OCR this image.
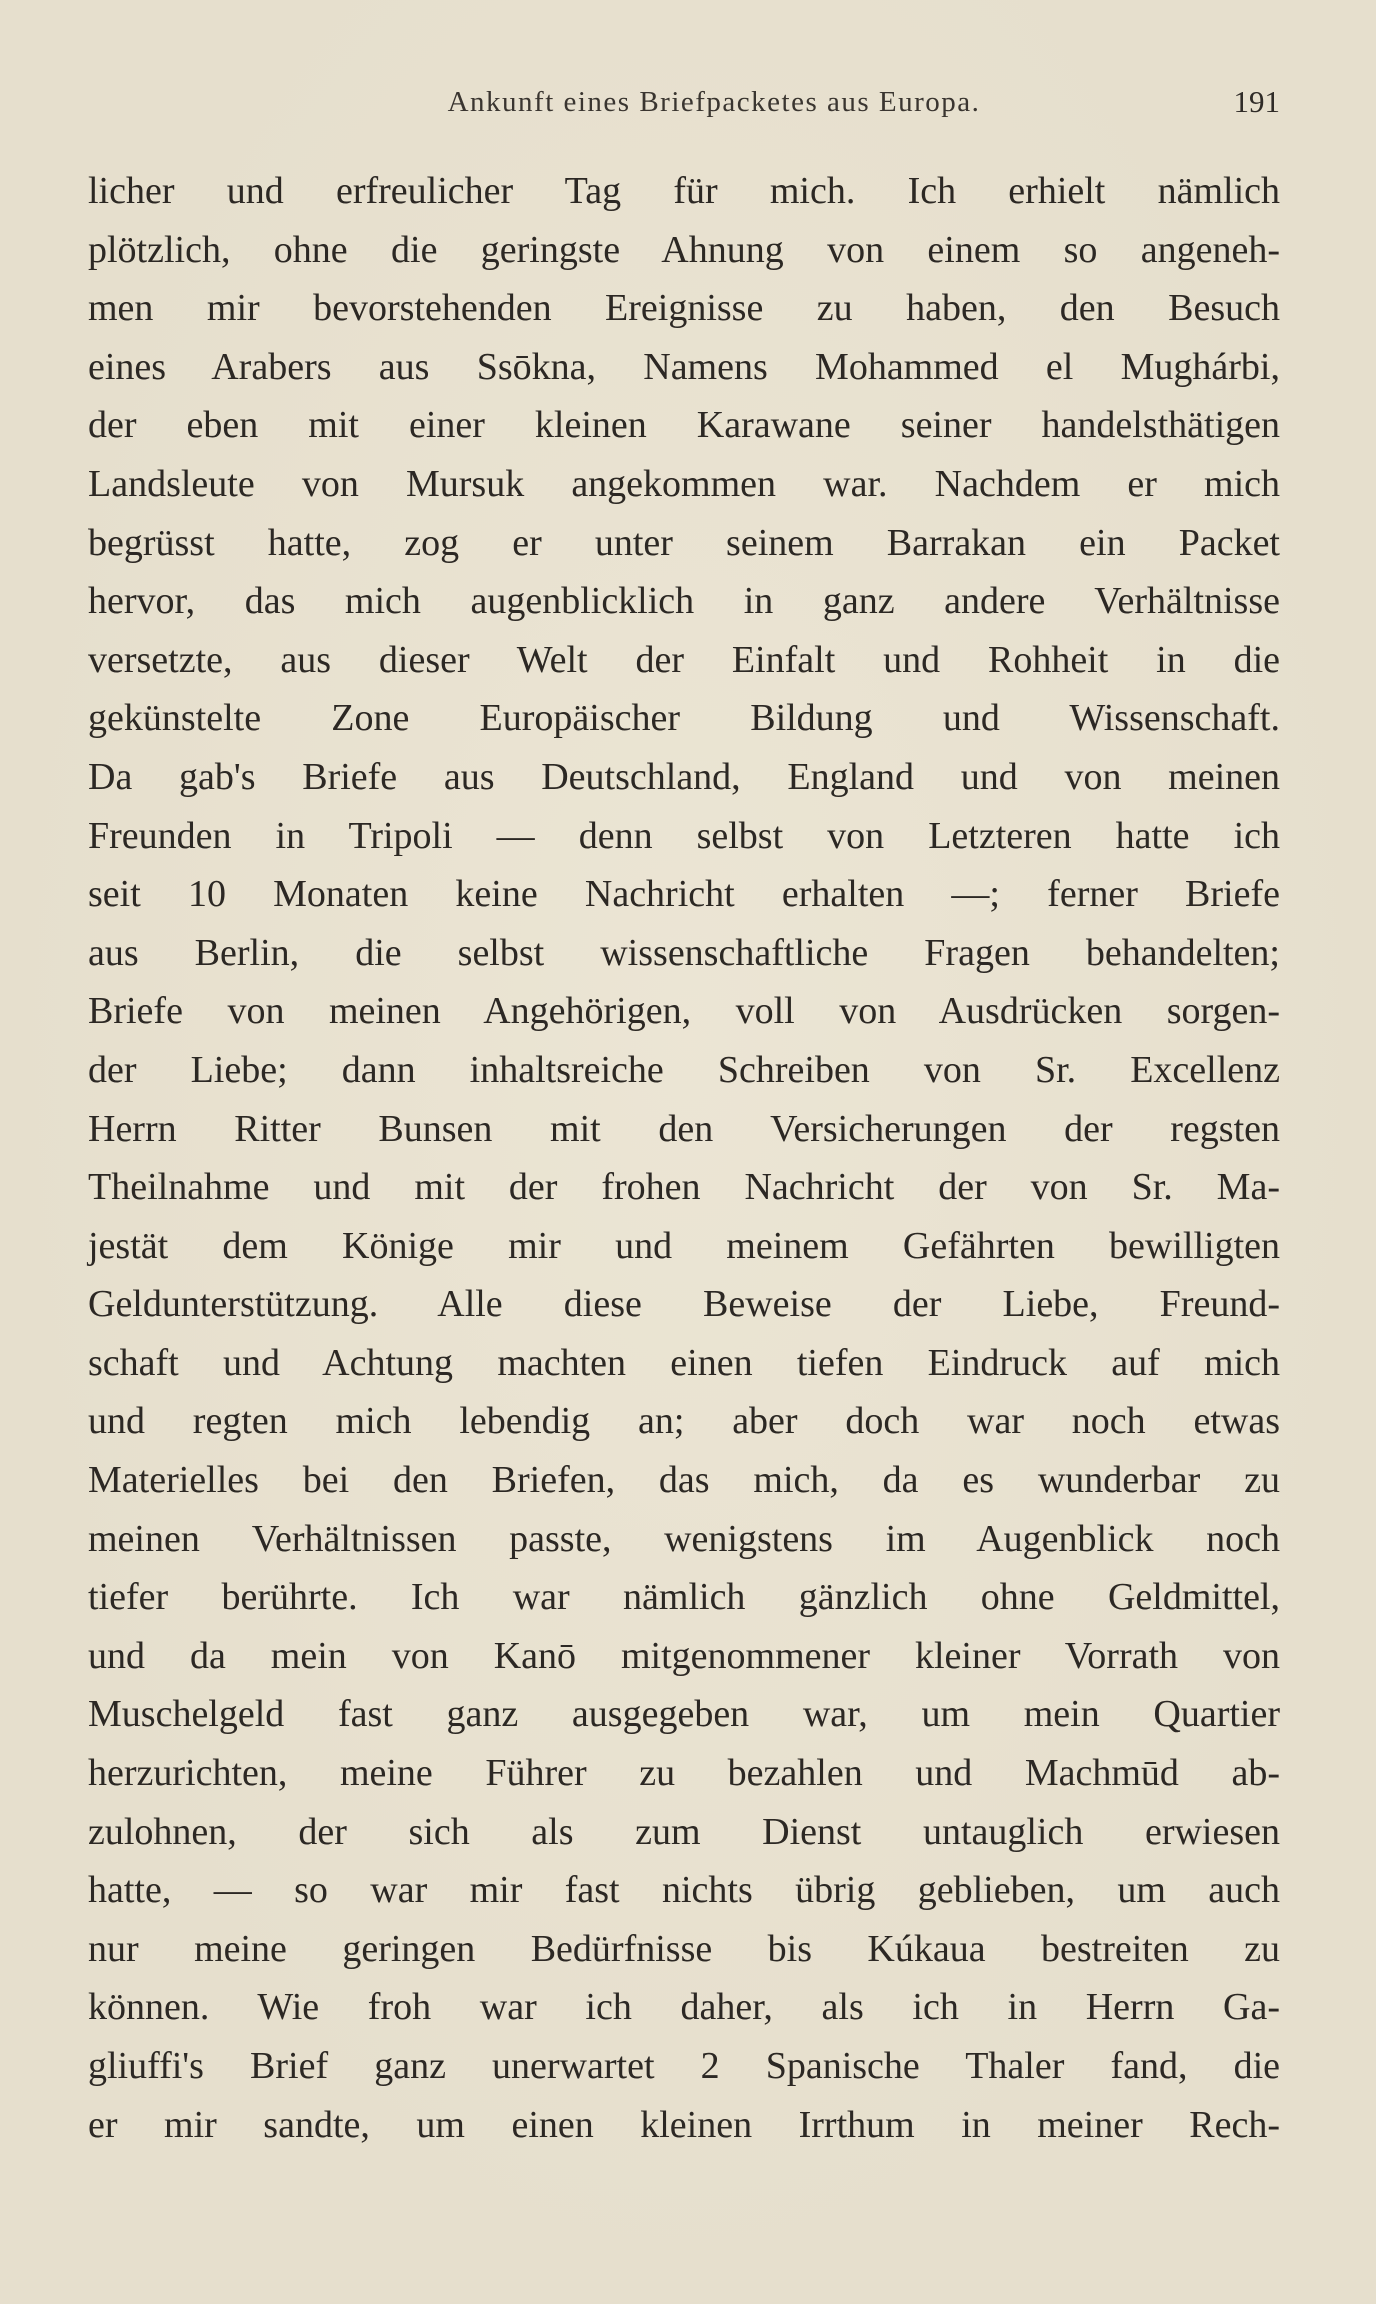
Ankunft eines Briefpacketes aus Europa.	191
licher und erfreulicher Tag für mich. Ich erhielt nämlich
plötzlich, ohne die geringste Ahnung von einem so angeneh-
men mir bevorstehenden Ereignisse zu haben, den Besuch
eines Arabers aus Ssōkna, Namens Mohammed el Mughárbi,
der eben mit einer kleinen Karawane seiner handelsthätigen
Landsleute von Mursuk angekommen war. Nachdem er mich
begrüsst hatte, zog er unter seinem Barrakan ein Packet
hervor, das mich augenblicklich in ganz andere Verhältnisse
versetzte, aus dieser Welt der Einfalt und Rohheit in die
gekünstelte Zone Europäischer Bildung und Wissenschaft.
Da gab's Briefe aus Deutschland, England und von meinen
Freunden in Tripoli — denn selbst von Letzteren hatte ich
seit 10 Monaten keine Nachricht erhalten —; ferner Briefe
aus Berlin, die selbst wissenschaftliche Fragen behandelten;
Briefe von meinen Angehörigen, voll von Ausdrücken sorgen-
der Liebe; dann inhaltsreiche Schreiben von Sr. Excellenz
Herrn Ritter Bunsen mit den Versicherungen der regsten
Theilnahme und mit der frohen Nachricht der von Sr. Ma-
jestät dem Könige mir und meinem Gefährten bewilligten
Geldunterstützung. Alle diese Beweise der Liebe, Freund-
schaft und Achtung machten einen tiefen Eindruck auf mich
und regten mich lebendig an; aber doch war noch etwas
Materielles bei den Briefen, das mich, da es wunderbar zu
meinen Verhältnissen passte, wenigstens im Augenblick noch
tiefer berührte. Ich war nämlich gänzlich ohne Geldmittel,
und da mein von Kanō mitgenommener kleiner Vorrath von
Muschelgeld fast ganz ausgegeben war, um mein Quartier
herzurichten, meine Führer zu bezahlen und Machmūd ab-
zulohnen, der sich als zum Dienst untauglich erwiesen
hatte, — so war mir fast nichts übrig geblieben, um auch
nur meine geringen Bedürfnisse bis Kúkaua bestreiten zu
können. Wie froh war ich daher, als ich in Herrn Ga-
gliuffi's Brief ganz unerwartet 2 Spanische Thaler fand, die
er mir sandte, um einen kleinen Irrthum in meiner Rech-
